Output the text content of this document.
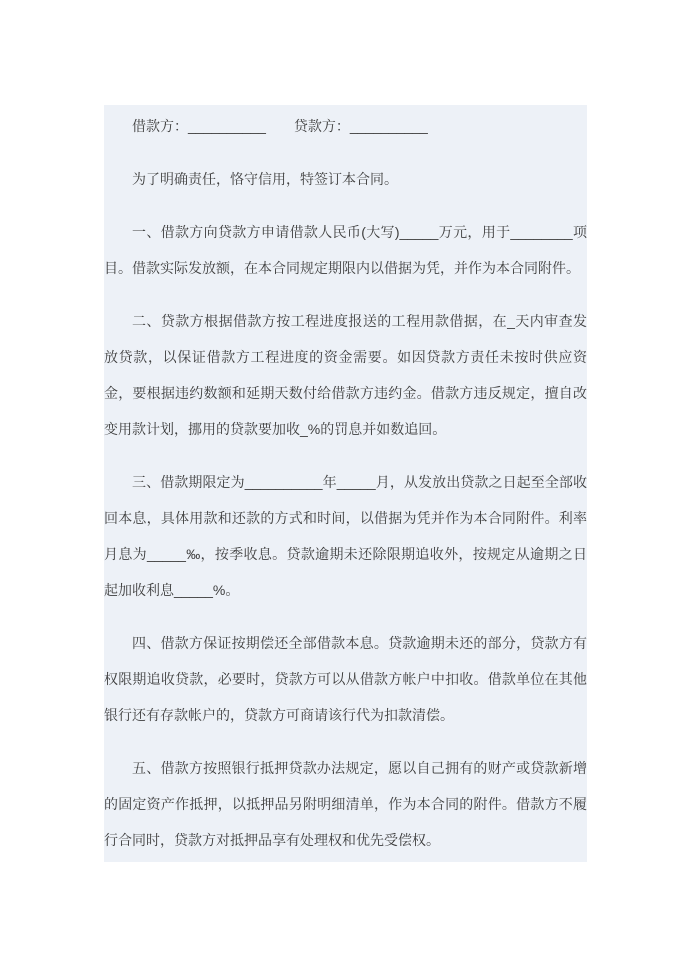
借款方：__________　　 贷款方：__________

为了明确责任，恪守信用，特签订本合同。

一、借款方向贷款方申请借款人民币(大写)_____万元，用于________项目。借款实际发放额，在本合同规定期限内以借据为凭，并作为本合同附件。

二、贷款方根据借款方按工程进度报送的工程用款借据，在_天内审查发放贷款，以保证借款方工程进度的资金需要。如因贷款方责任未按时供应资金，要根据违约数额和延期天数付给借款方违约金。借款方违反规定，擅自改变用款计划，挪用的贷款要加收_%的罚息并如数追回。

三、借款期限定为__________年_____月，从发放出贷款之日起至全部收回本息，具体用款和还款的方式和时间，以借据为凭并作为本合同附件。利率月息为_____‰，按季收息。贷款逾期未还除限期追收外，按规定从逾期之日起加收利息_____%。

四、借款方保证按期偿还全部借款本息。贷款逾期未还的部分，贷款方有权限期追收贷款，必要时，贷款方可以从借款方帐户中扣收。借款单位在其他银行还有存款帐户的，贷款方可商请该行代为扣款清偿。

五、借款方按照银行抵押贷款办法规定，愿以自己拥有的财产或贷款新增的固定资产作抵押，以抵押品另附明细清单，作为本合同的附件。借款方不履行合同时，贷款方对抵押品享有处理权和优先受偿权。
